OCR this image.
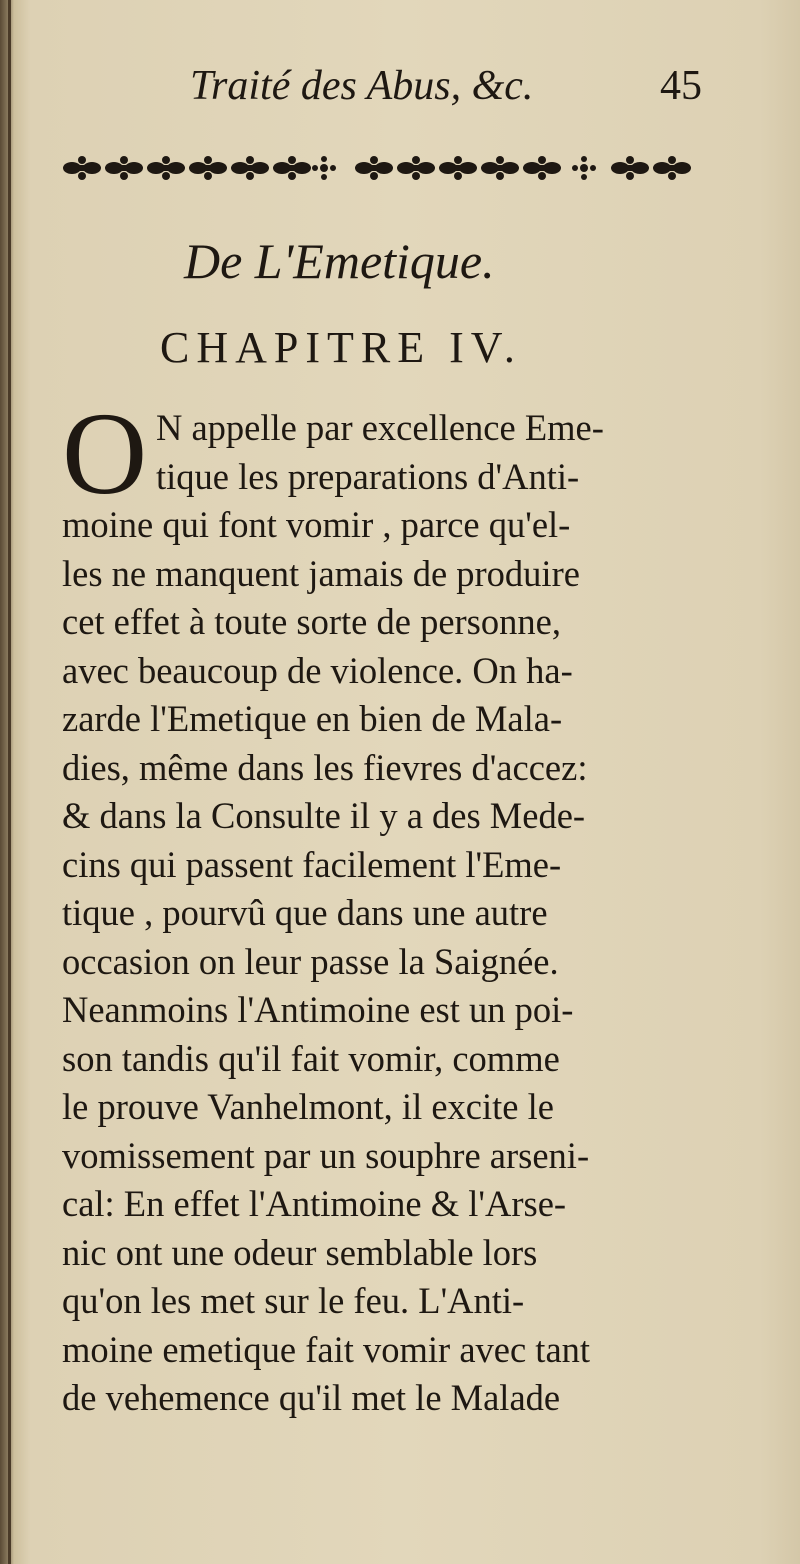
Traité des Abus, &c.	45
De L'Emetique.
CHAPITRE IV.
O N appelle par excellence Eme-
tique les preparations d'Anti-
moine qui font vomir , parce qu'el-
les ne manquent jamais de produire
cet effet à toute sorte de personne,
avec beaucoup de violence. On ha-
zarde l'Emetique en bien de Mala-
dies, même dans les fievres d'accez:
& dans la Consulte il y a des Mede-
cins qui passent facilement l'Eme-
tique , pourvû que dans une autre
occasion on leur passe la Saignée.
Neanmoins l'Antimoine est un poi-
son tandis qu'il fait vomir, comme
le prouve Vanhelmont, il excite le
vomissement par un souphre arseni-
cal: En effet l'Antimoine & l'Arse-
nic ont une odeur semblable lors
qu'on les met sur le feu. L'Anti-
moine emetique fait vomir avec tant
de vehemence qu'il met le Malade
